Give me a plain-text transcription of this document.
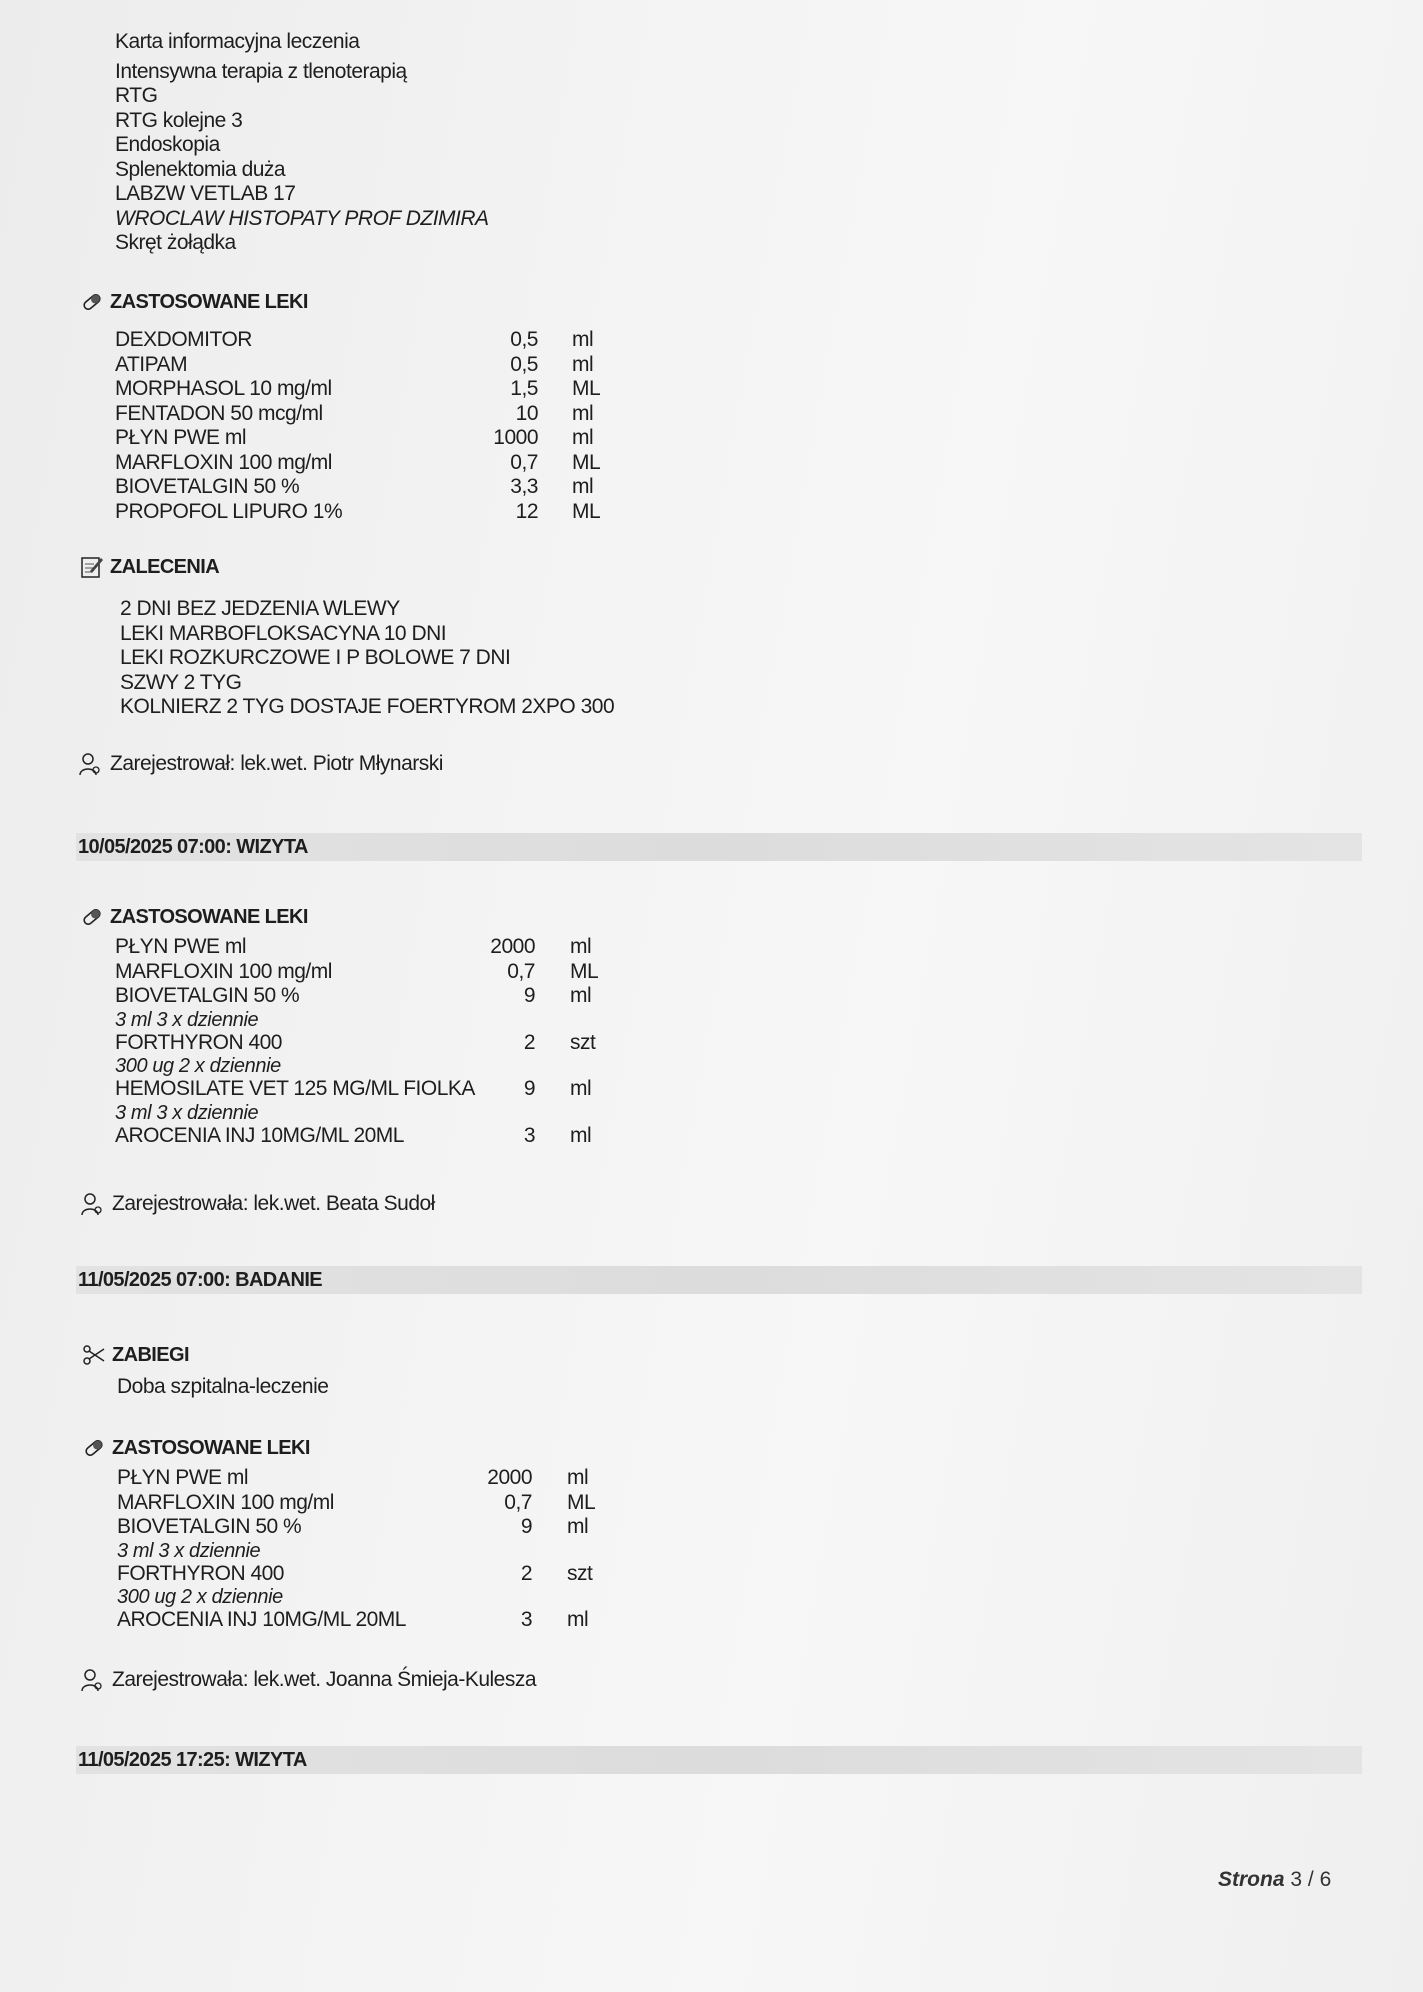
Karta informacyjna leczenia
Intensywna terapia z tlenoterapią
RTG
RTG kolejne 3
Endoskopia
Splenektomia duża
LABZW VETLAB 17
WROCLAW HISTOPATY PROF DZIMIRA
Skręt żołądka
ZASTOSOWANE LEKI
DEXDOMITOR	0,5 ml
ATIPAM	0,5 ml
MORPHASOL 10 mg/ml	1,5 ML
FENTADON 50 mcg/ml	10 ml
PŁYN PWE ml	1000 ml
MARFLOXIN 100 mg/ml	0,7 ML
BIOVETALGIN 50 %	3,3 ml
PROPOFOL LIPURO 1%	12 ML
ZALECENIA
2 DNI BEZ JEDZENIA WLEWY
LEKI MARBOFLOKSACYNA 10 DNI
LEKI ROZKURCZOWE I P BOLOWE 7 DNI
SZWY 2 TYG
KOLNIERZ 2 TYG DOSTAJE FOERTYROM 2XPO 300
Zarejestrował: lek.wet. Piotr Młynarski
10/05/2025 07:00: WIZYTA
ZASTOSOWANE LEKI
PŁYN PWE ml	2000 ml
MARFLOXIN 100 mg/ml	0,7 ML
BIOVETALGIN 50 %	9 ml
3 ml 3 x dziennie
FORTHYRON 400	2 szt
300 ug 2 x dziennie
HEMOSILATE VET 125 MG/ML FIOLKA 9 ml
3 ml 3 x dziennie
AROCENIA INJ 10MG/ML 20ML	3 ml
Zarejestrowała: lek.wet. Beata Sudoł
11/05/2025 07:00: BADANIE
ZABIEGI
Doba szpitalna-leczenie
ZASTOSOWANE LEKI
PŁYN PWE ml	2000 ml
MARFLOXIN 100 mg/ml	0,7 ML
BIOVETALGIN 50 %	9 ml
3 ml 3 x dziennie
FORTHYRON 400	2 szt
300 ug 2 x dziennie
AROCENIA INJ 10MG/ML 20ML	3 ml
Zarejestrowała: lek.wet. Joanna Śmieja-Kulesza
11/05/2025 17:25: WIZYTA
Strona 3 / 6
